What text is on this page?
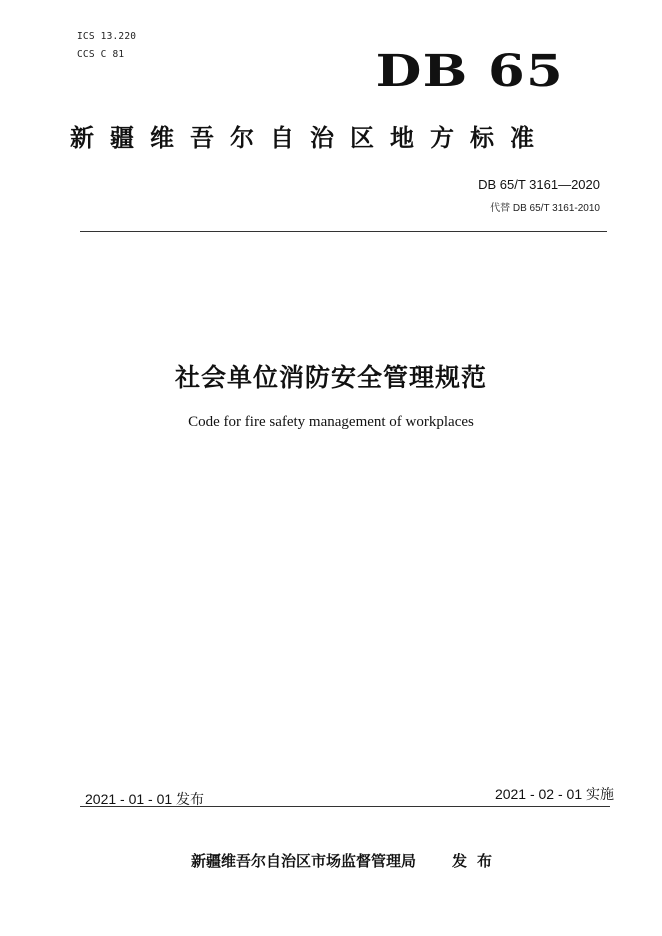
ICS 13.220
CCS C 81	DB 65
新疆维吾尔自治区地方标准
DB 65/T 3161—2020
代替 DB 65/T 3161-2010
社会单位消防安全管理规范
Code for fire safety management of workplaces
2021 - 01 - 01 发布	2021 - 02 - 01 实施
新疆维吾尔自治区市场监督管理局 发布
